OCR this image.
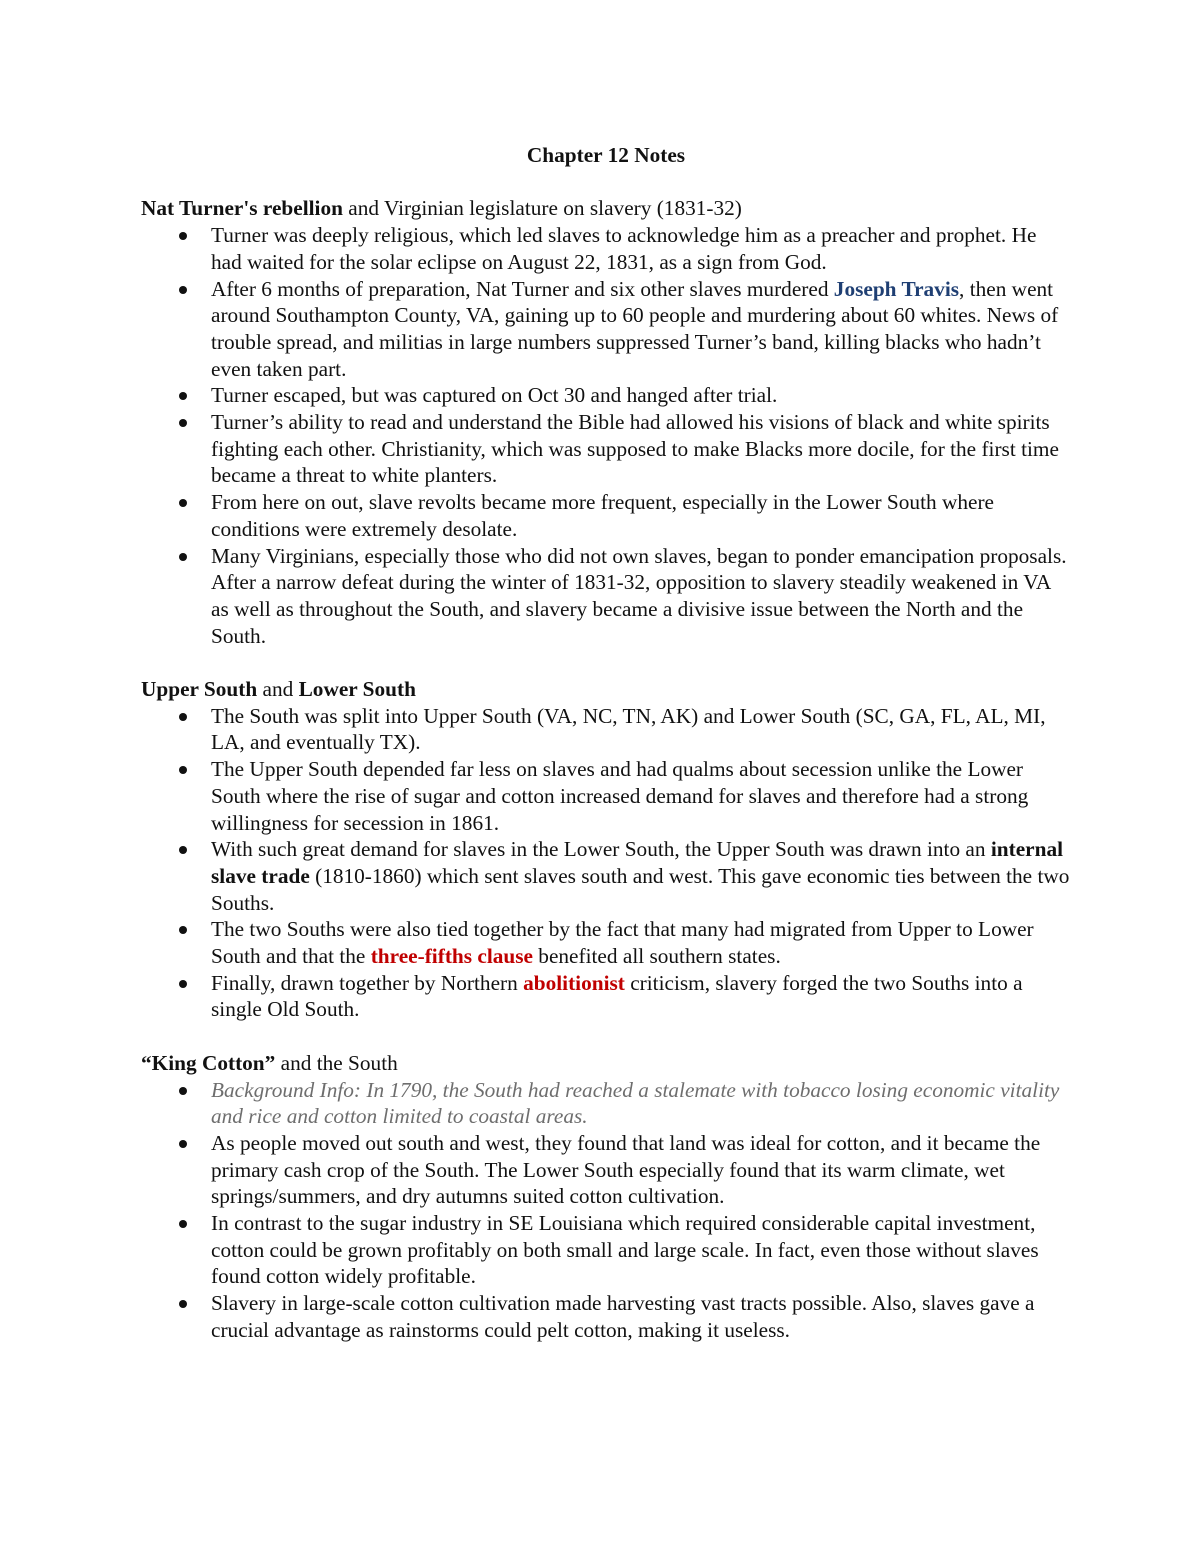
Chapter 12 Notes

Nat Turner's rebellion and Virginian legislature on slavery (1831-32)

Turner was deeply religious, which led slaves to acknowledge him as a preacher and prophet. He had waited for the solar eclipse on August 22, 1831, as a sign from God.
After 6 months of preparation, Nat Turner and six other slaves murdered Joseph Travis, then went around Southampton County, VA, gaining up to 60 people and murdering about 60 whites. News of trouble spread, and militias in large numbers suppressed Turner’s band, killing blacks who hadn’t even taken part.
Turner escaped, but was captured on Oct 30 and hanged after trial.
Turner’s ability to read and understand the Bible had allowed his visions of black and white spirits fighting each other. Christianity, which was supposed to make Blacks more docile, for the first time became a threat to white planters.
From here on out, slave revolts became more frequent, especially in the Lower South where conditions were extremely desolate.
Many Virginians, especially those who did not own slaves, began to ponder emancipation proposals. After a narrow defeat during the winter of 1831-32, opposition to slavery steadily weakened in VA as well as throughout the South, and slavery became a divisive issue between the North and the South.

Upper South and Lower South

The South was split into Upper South (VA, NC, TN, AK) and Lower South (SC, GA, FL, AL, MI, LA, and eventually TX).
The Upper South depended far less on slaves and had qualms about secession unlike the Lower South where the rise of sugar and cotton increased demand for slaves and therefore had a strong willingness for secession in 1861.
With such great demand for slaves in the Lower South, the Upper South was drawn into an internal slave trade (1810-1860) which sent slaves south and west. This gave economic ties between the two Souths.
The two Souths were also tied together by the fact that many had migrated from Upper to Lower South and that the three-fifths clause benefited all southern states.
Finally, drawn together by Northern abolitionist criticism, slavery forged the two Souths into a single Old South.

“King Cotton” and the South

Background Info: In 1790, the South had reached a stalemate with tobacco losing economic vitality and rice and cotton limited to coastal areas.
As people moved out south and west, they found that land was ideal for cotton, and it became the primary cash crop of the South. The Lower South especially found that its warm climate, wet springs/summers, and dry autumns suited cotton cultivation.
In contrast to the sugar industry in SE Louisiana which required considerable capital investment, cotton could be grown profitably on both small and large scale. In fact, even those without slaves found cotton widely profitable.
Slavery in large-scale cotton cultivation made harvesting vast tracts possible. Also, slaves gave a crucial advantage as rainstorms could pelt cotton, making it useless.
